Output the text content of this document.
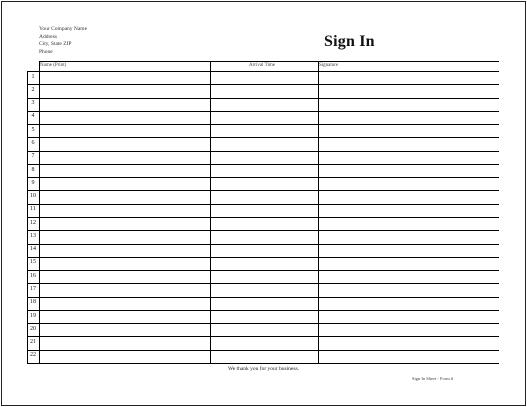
Your Company Name
Address
City, State ZIP
Phone
Sign In
Name (Print)	Arrival Time	Signature
1
2
3
4
5
6
7
8
9
10
11
12
13
14
15
16
17
18
19
20
21
22
We thank you for your business.
Sign In Sheet - Form #
